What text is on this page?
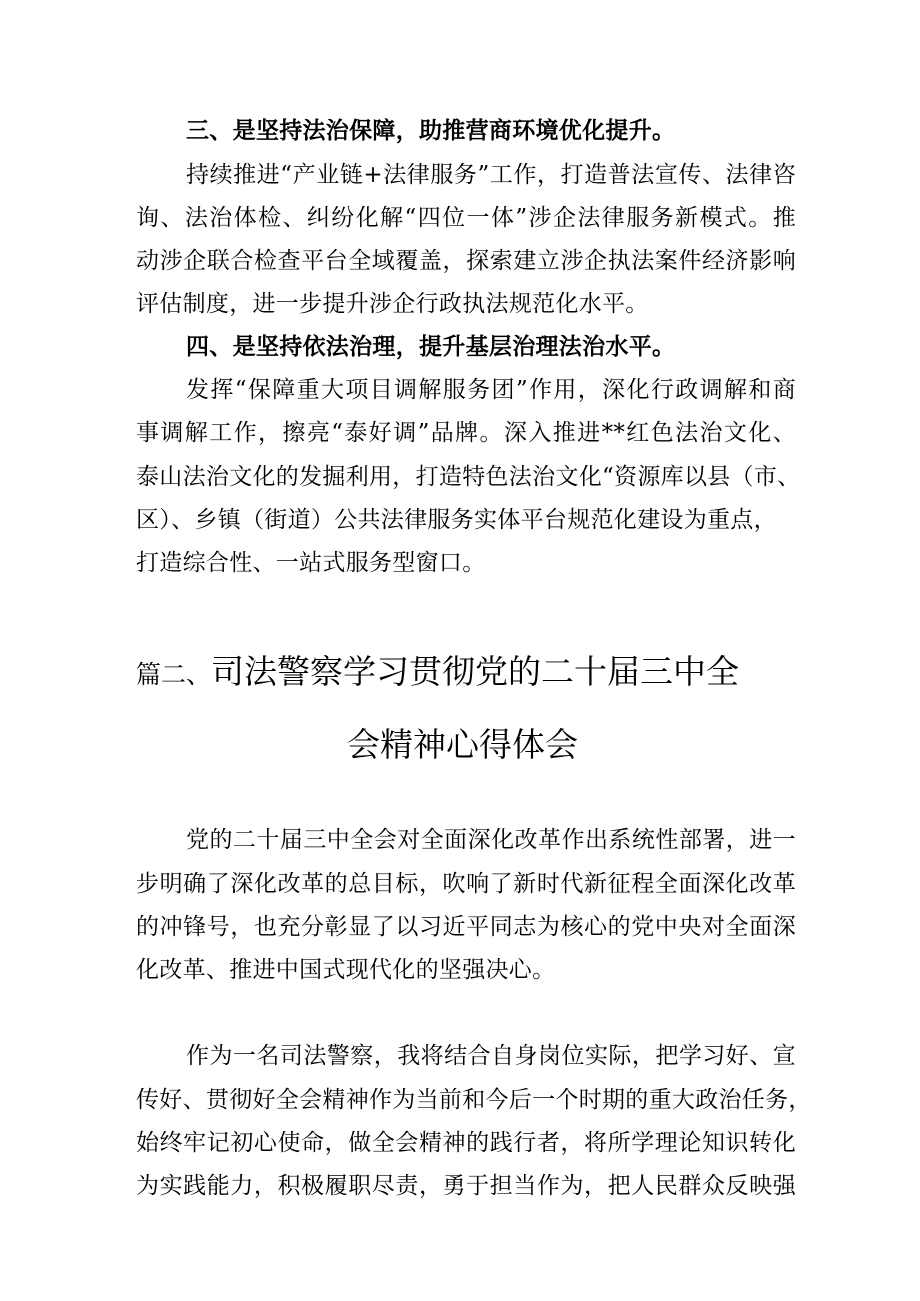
三、是坚持法治保障，助推营商环境优化提升。
持续推进“产业链+法律服务”工作，打造普法宣传、法律咨
询、法治体检、纠纷化解“四位一体”涉企法律服务新模式。推
动涉企联合检查平台全域覆盖，探索建立涉企执法案件经济影响
评估制度，进一步提升涉企行政执法规范化水平。
四、是坚持依法治理，提升基层治理法治水平。
发挥“保障重大项目调解服务团”作用，深化行政调解和商
事调解工作，擦亮“泰好调”品牌。深入推进**红色法治文化、
泰山法治文化的发掘利用，打造特色法治文化“资源库以县（市、
区）、乡镇（街道）公共法律服务实体平台规范化建设为重点，
打造综合性、一站式服务型窗口。
篇二、司法警察学习贯彻党的二十届三中全
会精神心得体会
党的二十届三中全会对全面深化改革作出系统性部署，进一
步明确了深化改革的总目标，吹响了新时代新征程全面深化改革
的冲锋号，也充分彰显了以习近平同志为核心的党中央对全面深
化改革、推进中国式现代化的坚强决心。
作为一名司法警察，我将结合自身岗位实际，把学习好、宣
传好、贯彻好全会精神作为当前和今后一个时期的重大政治任务，
始终牢记初心使命，做全会精神的践行者，将所学理论知识转化
为实践能力，积极履职尽责，勇于担当作为，把人民群众反映强
